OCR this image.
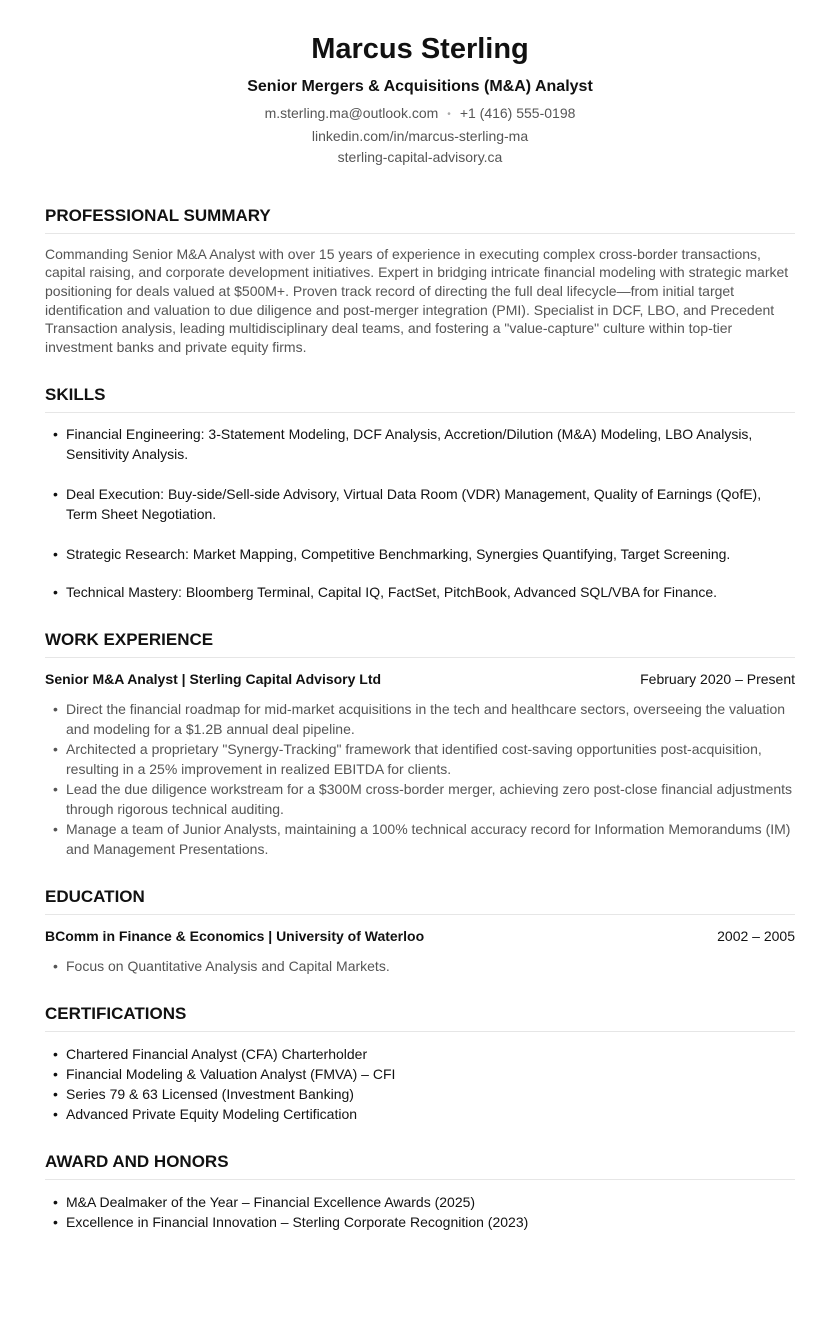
Marcus Sterling
Senior Mergers & Acquisitions (M&A) Analyst
m.sterling.ma@outlook.com • +1 (416) 555-0198
linkedin.com/in/marcus-sterling-ma
sterling-capital-advisory.ca
PROFESSIONAL SUMMARY
Commanding Senior M&A Analyst with over 15 years of experience in executing complex cross-border transactions, capital raising, and corporate development initiatives. Expert in bridging intricate financial modeling with strategic market positioning for deals valued at $500M+. Proven track record of directing the full deal lifecycle—from initial target identification and valuation to due diligence and post-merger integration (PMI). Specialist in DCF, LBO, and Precedent Transaction analysis, leading multidisciplinary deal teams, and fostering a "value-capture" culture within top-tier investment banks and private equity firms.
SKILLS
• Financial Engineering: 3-Statement Modeling, DCF Analysis, Accretion/Dilution (M&A) Modeling, LBO Analysis, Sensitivity Analysis.
• Deal Execution: Buy-side/Sell-side Advisory, Virtual Data Room (VDR) Management, Quality of Earnings (QofE), Term Sheet Negotiation.
• Strategic Research: Market Mapping, Competitive Benchmarking, Synergies Quantifying, Target Screening.
• Technical Mastery: Bloomberg Terminal, Capital IQ, FactSet, PitchBook, Advanced SQL/VBA for Finance.
WORK EXPERIENCE
Senior M&A Analyst | Sterling Capital Advisory Ltd	February 2020 – Present
• Direct the financial roadmap for mid-market acquisitions in the tech and healthcare sectors, overseeing the valuation and modeling for a $1.2B annual deal pipeline.
• Architected a proprietary "Synergy-Tracking" framework that identified cost-saving opportunities post-acquisition, resulting in a 25% improvement in realized EBITDA for clients.
• Lead the due diligence workstream for a $300M cross-border merger, achieving zero post-close financial adjustments through rigorous technical auditing.
• Manage a team of Junior Analysts, maintaining a 100% technical accuracy record for Information Memorandums (IM) and Management Presentations.
EDUCATION
BComm in Finance & Economics | University of Waterloo	2002 – 2005
• Focus on Quantitative Analysis and Capital Markets.
CERTIFICATIONS
• Chartered Financial Analyst (CFA) Charterholder
• Financial Modeling & Valuation Analyst (FMVA) – CFI
• Series 79 & 63 Licensed (Investment Banking)
• Advanced Private Equity Modeling Certification
AWARD AND HONORS
• M&A Dealmaker of the Year – Financial Excellence Awards (2025)
• Excellence in Financial Innovation – Sterling Corporate Recognition (2023)
